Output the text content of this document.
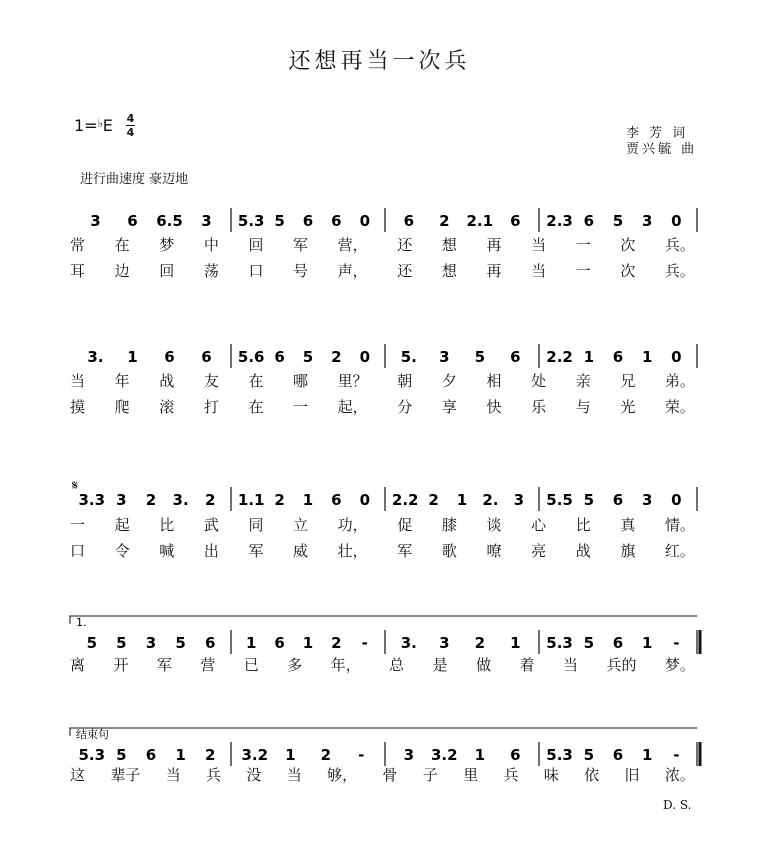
还想再当一次兵
1=♭E 4
4	李 芳 词
贾兴毓 曲
进行曲速度 豪迈地
3 6 6.5 3 5.3 5 6 6 0 6 2 2.1 6 2.3 6 5 3 0
3. 1 6 6 5.6 6 5 2 0 5. 3 5 6 2.2 1 6 1 0
3.3 3 2 3. 2 1.1 2 1 6 0 2.2 2 1 2. 3 5.5 5 6 3 0
5 5 3 5 6 1 6 1 2 - 3. 3 2 1 5.3 5 6 1 -
5.3 5 6 1 2 3.2 1 2 -	3 3.2 1 6 5.3 5 6 1 -
1.
结束句
𝄋
常 在 梦 中 回 军 营， 还 想 再 当 一 次 兵。
耳 边 回 荡 口 号 声， 还 想 再 当 一 次 兵。
当 年 战 友 在 哪 里？ 朝 夕 相 处 亲 兄 弟。
摸 爬 滚 打 在 一 起， 分 享 快 乐 与 光 荣。
一 起 比 武 同 立 功， 促 膝 谈 心 比 真 情。
口 令 喊 出 军 威 壮， 军 歌 嘹 亮 战 旗 红。
离 开 军 营 已 多 年， 总 是 做 着 当 兵的 梦。
这 辈子 当 兵 没 当 够， 骨 子 里 兵 味 依 旧 浓。
D. S.
